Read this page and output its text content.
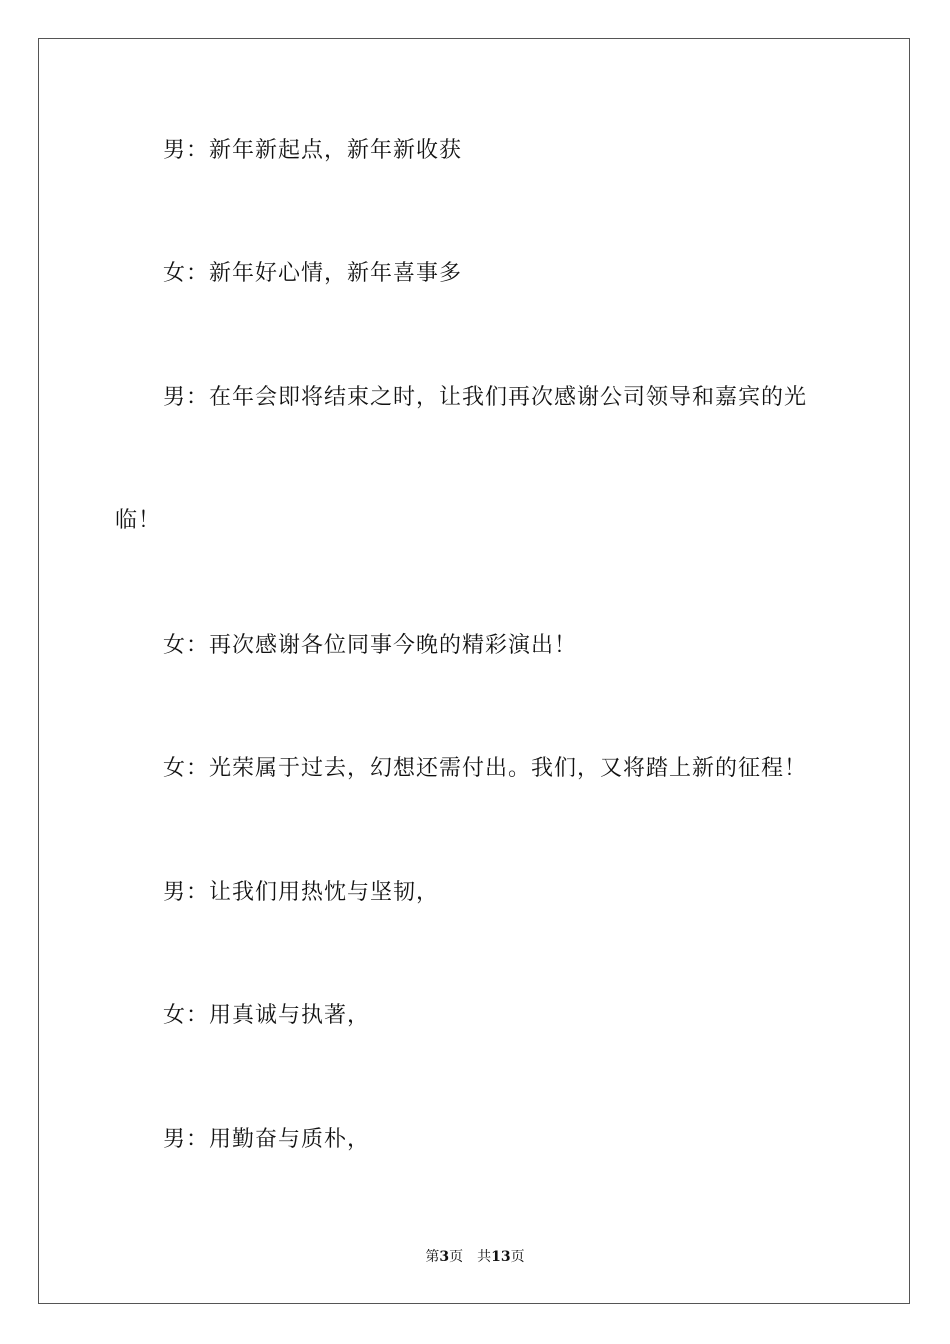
男：新年新起点，新年新收获
女：新年好心情，新年喜事多
男：在年会即将结束之时，让我们再次感谢公司领导和嘉宾的光
临！
女：再次感谢各位同事今晚的精彩演出！
女：光荣属于过去，幻想还需付出。我们，又将踏上新的征程！
男：让我们用热忱与坚韧，
女：用真诚与执著，
男：用勤奋与质朴，
第3页 共13页
